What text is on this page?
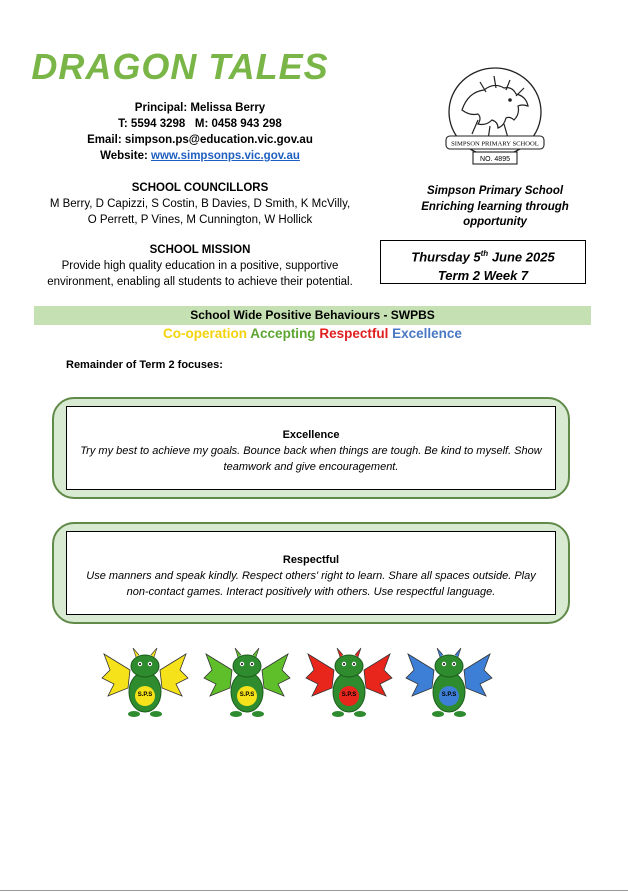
DRAGON TALES
Principal: Melissa Berry
T: 5594 3298   M: 0458 943 298
Email: simpson.ps@education.vic.gov.au
Website: www.simpsonps.vic.gov.au
SCHOOL COUNCILLORS
M Berry, D Capizzi, S Costin, B Davies, D Smith, K McVilly,
O Perrett, P Vines, M Cunnington, W Hollick
SCHOOL MISSION
Provide high quality education in a positive, supportive
environment, enabling all students to achieve their potential.
SIMPSON PRIMARY SCHOOL
NO. 4895
Simpson Primary School
Enriching learning through
opportunity
Thursday 5th June 2025
Term 2 Week 7
School Wide Positive Behaviours - SWPBS
Co-operation Accepting Respectful Excellence
Remainder of Term 2 focuses:
Excellence
Try my best to achieve my goals. Bounce back when things are tough. Be kind to myself. Show teamwork and give encouragement.
Respectful
Use manners and speak kindly. Respect others' right to learn. Share all spaces outside. Play non-contact games. Interact positively with others. Use respectful language.
S.P.S	S.P.S	S.P.S	S.P.S
